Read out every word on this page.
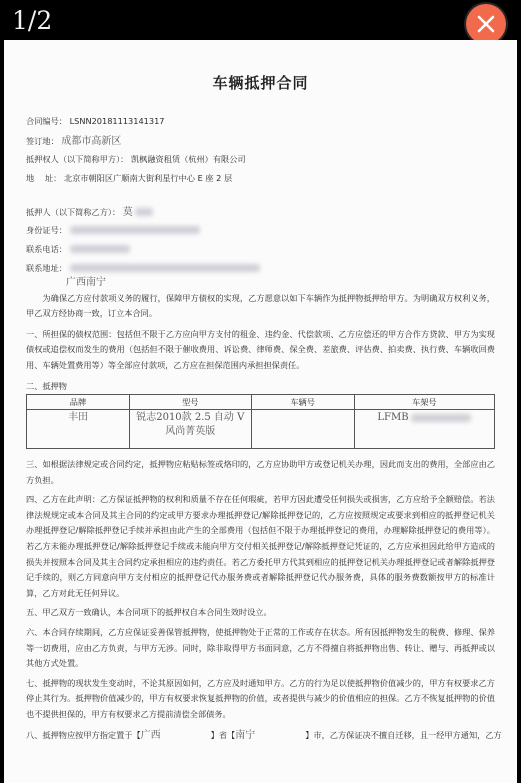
1/2
车辆抵押合同
合同编号： LSNN20181113141317
签订地： 成都市高新区
抵押权人（以下简称甲方）： 凯枫融资租赁（杭州）有限公司
地　 址： 北京市朝阳区广顺南大街利星行中心 E 座 2 层
抵押人（以下简称乙方）： 莫
身份证号：
联系电话：
联系地址：
广西南宁
为确保乙方应付款项义务的履行，保障甲方债权的实现，乙方愿意以如下车辆作为抵押物抵押给甲方。为明确双方权利义务，甲乙双方经协商一致，订立本合同。
一、所担保的债权范围：包括但不限于乙方应向甲方支付的租金、违约金、代偿款项、乙方应偿还的甲方合作方贷款、甲方为实现债权或追偿权而发生的费用（包括但不限于催收费用、诉讼费、律师费、保全费、差旅费、评估费、拍卖费、执行费、车辆收回费用、车辆处置费用等）等全部应付款项，乙方应在担保范围内承担担保责任。
二、抵押物
品牌	型号	车辆号	车架号
丰田	锐志2010款 2.5 自动 V风尚菁英版		LFMB
三、如根据法律规定或合同约定，抵押物应粘贴标签或烙印的，乙方应协助甲方或登记机关办理，因此而支出的费用，全部应由乙方负担。
四、乙方在此声明：乙方保证抵押物的权利和质量不存在任何瑕疵，若甲方因此遭受任何损失或损害，乙方应给予全额赔偿。若法律法规规定或本合同及其主合同的约定或甲方要求办理抵押登记/解除抵押登记的，乙方应按照规定或要求到相应的抵押登记机关办理抵押登记/解除抵押登记手续并承担由此产生的全部费用（包括但不限于办理抵押登记的费用，办理解除抵押登记的费用等）。若乙方未能办理抵押登记/解除抵押登记手续或未能向甲方交付相关抵押登记/解除抵押登记凭证的，乙方应承担因此给甲方造成的损失并按照本合同及其主合同约定承担相应的违约责任。若乙方委托甲方代其到相应的抵押登记机关办理抵押登记或者解除抵押登记手续的，则乙方同意向甲方支付相应的抵押登记代办服务费或者解除抵押登记代办服务费，具体的服务费数额按甲方的标准计算，乙方对此无任何异议。
五、甲乙双方一致确认，本合同项下的抵押权自本合同生效时设立。
六、本合同存续期间，乙方应保证妥善保管抵押物，使抵押物处于正常的工作或存在状态。所有因抵押物发生的税费、修理、保养等一切费用，应由乙方负责，与甲方无涉。同时，除非取得甲方书面同意，乙方不得擅自将抵押物出售、转让、赠与、再抵押或以其他方式处置。
七、抵押物的现状发生变动时，不论其原因如何，乙方应及时通知甲方。乙方的行为足以使抵押物价值减少的，甲方有权要求乙方停止其行为。抵押物价值减少的，甲方有权要求恢复抵押物的价值，或者提供与减少的价值相应的担保。乙方不恢复抵押物的价值也不提供担保的，甲方有权要求乙方提前清偿全部债务。
八、抵押物应按甲方指定置于【广西	】省【南宁	】市，乙方保证决不擅自迁移，且一经甲方通知，乙方
